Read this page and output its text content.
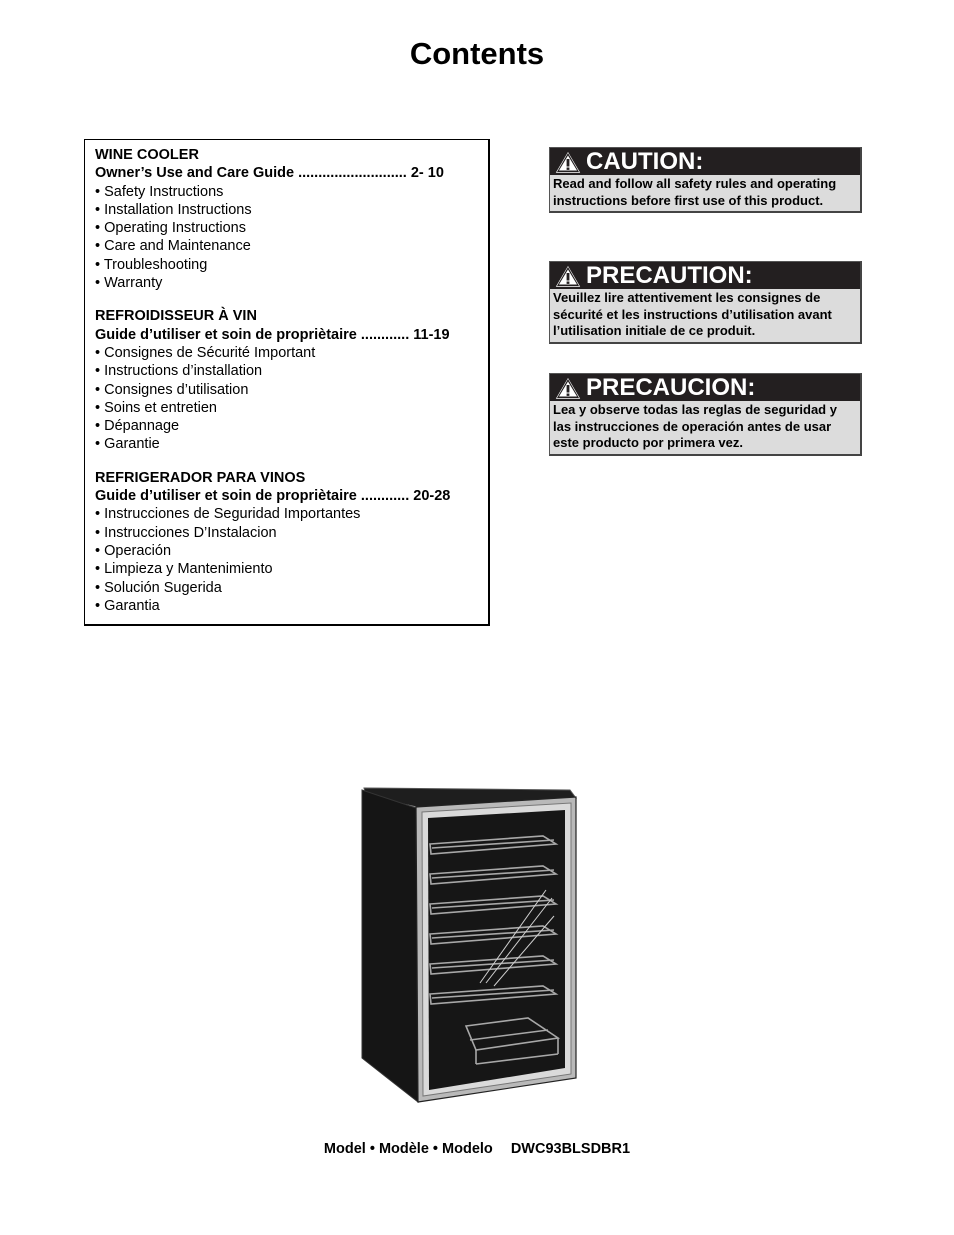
Contents
WINE COOLER
Owner’s Use and Care Guide ........................... 2- 10
• Safety Instructions
• Installation Instructions
• Operating Instructions
• Care and Maintenance
• Troubleshooting
• Warranty
REFROIDISSEUR À VIN
Guide d’utiliser et soin de propriètaire ............ 11-19
• Consignes de Sécurité Important
• Instructions d’installation
• Consignes d’utilisation
• Soins et entretien
• Dépannage
• Garantie
REFRIGERADOR PARA VINOS
Guide d’utiliser et soin de propriètaire ............ 20-28
• Instrucciones de Seguridad Importantes
• Instrucciones D’Instalacion
• Operación
• Limpieza y Mantenimiento
• Solución Sugerida
• Garantia
CAUTION:
Read and follow all safety rules and operating instructions before first use of this product.
PRECAUTION:
Veuillez lire attentivement les consignes de sécurité et les instructions d’utilisation avant l’utilisation initiale de ce produit.
PRECAUCION:
Lea y observe todas las reglas de seguridad y las instrucciones de operación antes de usar este producto por primera vez.
Model • Modèle • Modelo DWC93BLSDBR1
